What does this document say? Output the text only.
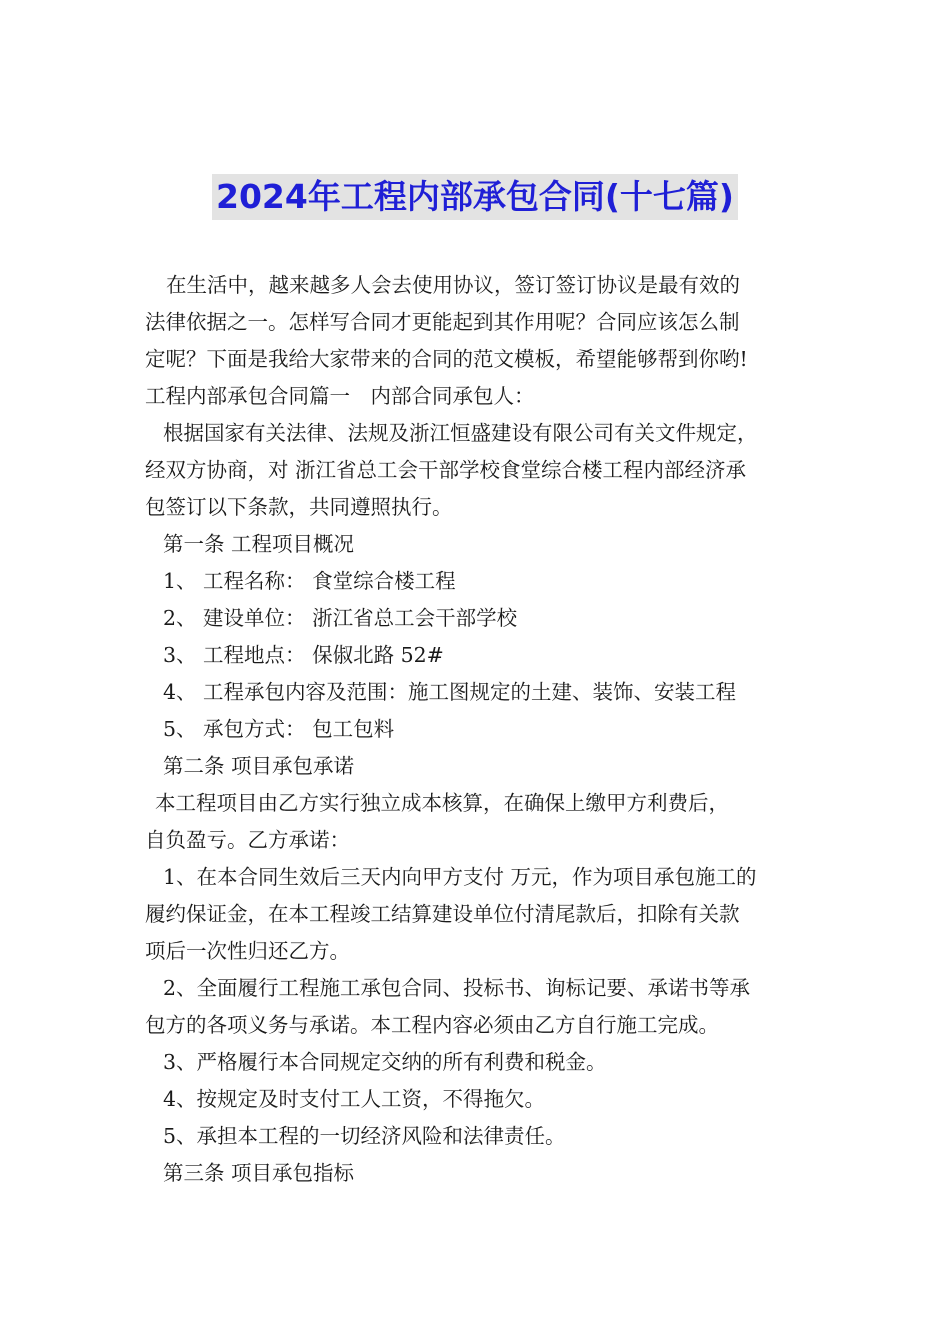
2024年工程内部承包合同(十七篇)
在生活中，越来越多人会去使用协议，签订签订协议是最有效的
法律依据之一。怎样写合同才更能起到其作用呢？合同应该怎么制
定呢？下面是我给大家带来的合同的范文模板，希望能够帮到你哟!
工程内部承包合同篇一　内部合同承包人：
根据国家有关法律、法规及浙江恒盛建设有限公司有关文件规定，
经双方协商，对 浙江省总工会干部学校食堂综合楼工程内部经济承
包签订以下条款，共同遵照执行。
第一条 工程项目概况
1、 工程名称： 食堂综合楼工程
2、 建设单位： 浙江省总工会干部学校
3、 工程地点： 保俶北路 52#
4、 工程承包内容及范围：施工图规定的土建、装饰、安装工程
5、 承包方式： 包工包料
第二条 项目承包承诺
本工程项目由乙方实行独立成本核算，在确保上缴甲方利费后，
自负盈亏。乙方承诺：
1、在本合同生效后三天内向甲方支付 万元，作为项目承包施工的
履约保证金，在本工程竣工结算建设单位付清尾款后，扣除有关款
项后一次性归还乙方。
2、全面履行工程施工承包合同、投标书、询标记要、承诺书等承
包方的各项义务与承诺。本工程内容必须由乙方自行施工完成。
3、严格履行本合同规定交纳的所有利费和税金。
4、按规定及时支付工人工资，不得拖欠。
5、承担本工程的一切经济风险和法律责任。
第三条 项目承包指标
